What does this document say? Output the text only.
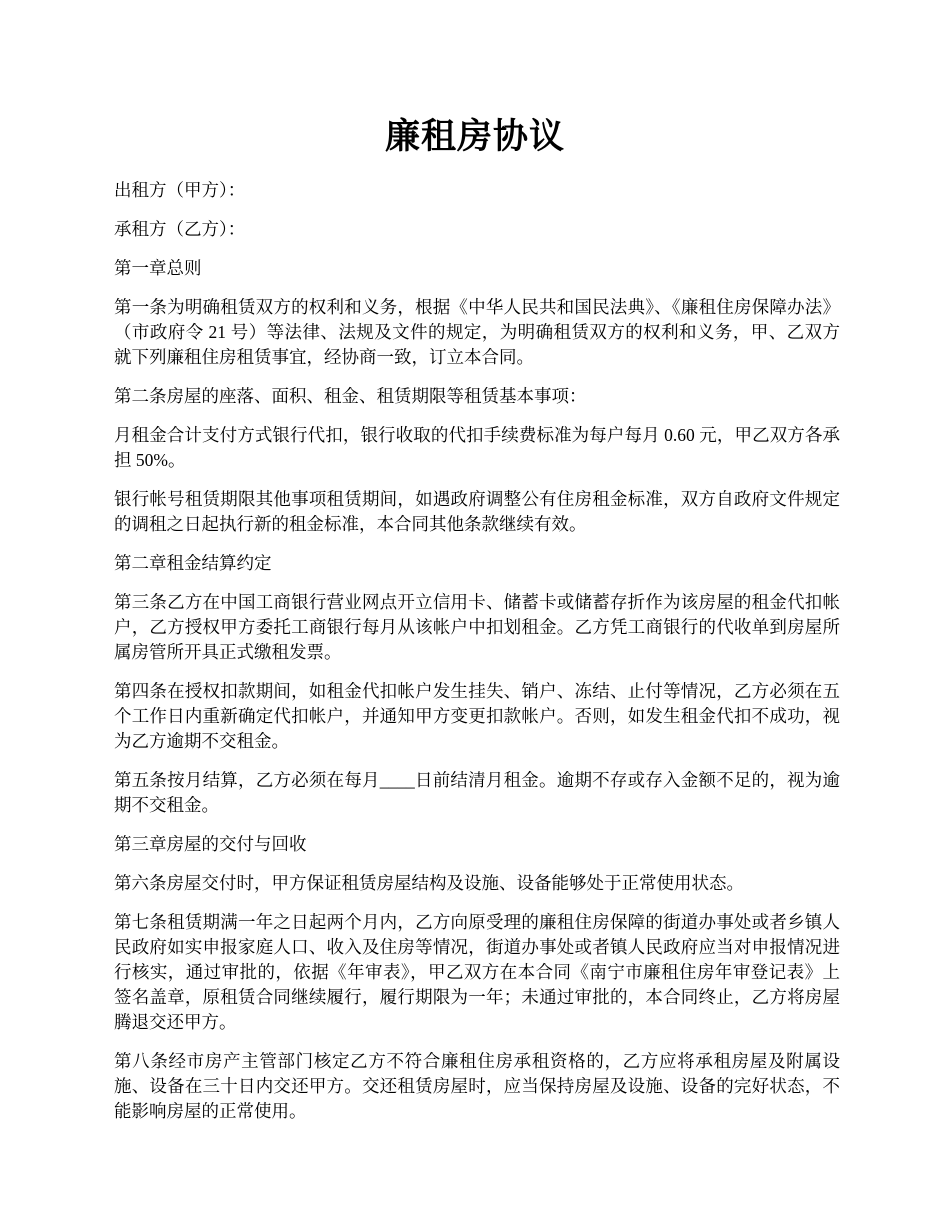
廉租房协议

出租方（甲方）：

承租方（乙方）：

第一章总则

第一条为明确租赁双方的权利和义务，根据《中华人民共和国民法典》、《廉租住房保障办法》（市政府令 21 号）等法律、法规及文件的规定，为明确租赁双方的权利和义务，甲、乙双方就下列廉租住房租赁事宜，经协商一致，订立本合同。

第二条房屋的座落、面积、租金、租赁期限等租赁基本事项：

月租金合计支付方式银行代扣，银行收取的代扣手续费标准为每户每月 0.60 元，甲乙双方各承担 50%。

银行帐号租赁期限其他事项租赁期间，如遇政府调整公有住房租金标准，双方自政府文件规定的调租之日起执行新的租金标准，本合同其他条款继续有效。

第二章租金结算约定

第三条乙方在中国工商银行营业网点开立信用卡、储蓄卡或储蓄存折作为该房屋的租金代扣帐户，乙方授权甲方委托工商银行每月从该帐户中扣划租金。乙方凭工商银行的代收单到房屋所属房管所开具正式缴租发票。

第四条在授权扣款期间，如租金代扣帐户发生挂失、销户、冻结、止付等情况，乙方必须在五个工作日内重新确定代扣帐户，并通知甲方变更扣款帐户。否则，如发生租金代扣不成功，视为乙方逾期不交租金。

第五条按月结算，乙方必须在每月____日前结清月租金。逾期不存或存入金额不足的，视为逾期不交租金。

第三章房屋的交付与回收

第六条房屋交付时，甲方保证租赁房屋结构及设施、设备能够处于正常使用状态。

第七条租赁期满一年之日起两个月内，乙方向原受理的廉租住房保障的街道办事处或者乡镇人民政府如实申报家庭人口、收入及住房等情况，街道办事处或者镇人民政府应当对申报情况进行核实，通过审批的，依据《年审表》，甲乙双方在本合同《南宁市廉租住房年审登记表》上签名盖章，原租赁合同继续履行，履行期限为一年；未通过审批的，本合同终止，乙方将房屋腾退交还甲方。

第八条经市房产主管部门核定乙方不符合廉租住房承租资格的，乙方应将承租房屋及附属设施、设备在三十日内交还甲方。交还租赁房屋时，应当保持房屋及设施、设备的完好状态，不能影响房屋的正常使用。
